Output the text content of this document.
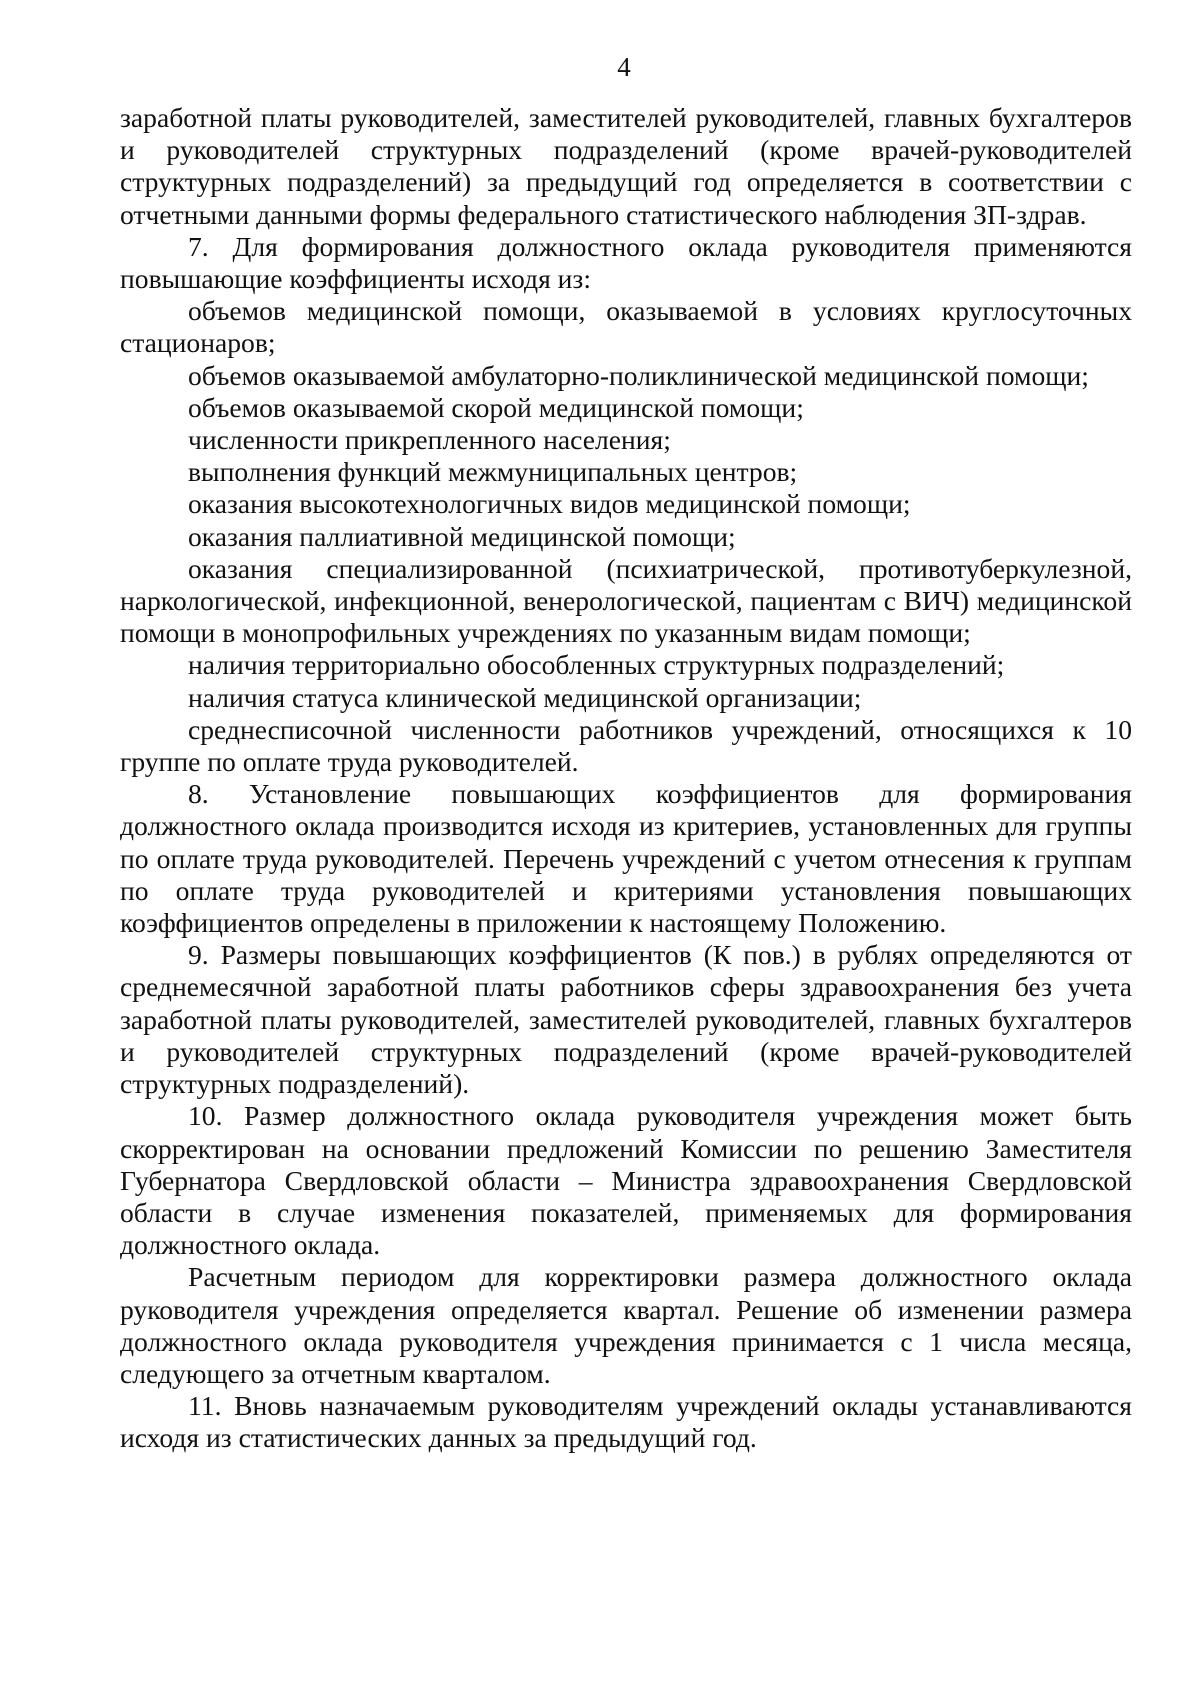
4

заработной платы руководителей, заместителей руководителей, главных бухгалтеров и руководителей структурных подразделений (кроме врачей-руководителей структурных подразделений) за предыдущий год определяется в соответствии с отчетными данными формы федерального статистического наблюдения ЗП-здрав.

7. Для формирования должностного оклада руководителя применяются повышающие коэффициенты исходя из:

объемов медицинской помощи, оказываемой в условиях круглосуточных стационаров;

объемов оказываемой амбулаторно-поликлинической медицинской помощи;

объемов оказываемой скорой медицинской помощи;

численности прикрепленного населения;

выполнения функций межмуниципальных центров;

оказания высокотехнологичных видов медицинской помощи;

оказания паллиативной медицинской помощи;

оказания специализированной (психиатрической, противотуберкулезной, наркологической, инфекционной, венерологической, пациентам с ВИЧ) медицинской помощи в монопрофильных учреждениях по указанным видам помощи;

наличия территориально обособленных структурных подразделений;

наличия статуса клинической медицинской организации;

среднесписочной численности работников учреждений, относящихся к 10 группе по оплате труда руководителей.

8. Установление повышающих коэффициентов для формирования должностного оклада производится исходя из критериев, установленных для группы по оплате труда руководителей. Перечень учреждений с учетом отнесения к группам по оплате труда руководителей и критериями установления повышающих коэффициентов определены в приложении к настоящему Положению.

9. Размеры повышающих коэффициентов (К пов.) в рублях определяются от среднемесячной заработной платы работников сферы здравоохранения без учета заработной платы руководителей, заместителей руководителей, главных бухгалтеров и руководителей структурных подразделений (кроме врачей-руководителей структурных подразделений).

10. Размер должностного оклада руководителя учреждения может быть скорректирован на основании предложений Комиссии по решению Заместителя Губернатора Свердловской области – Министра здравоохранения Свердловской области в случае изменения показателей, применяемых для формирования должностного оклада.

Расчетным периодом для корректировки размера должностного оклада руководителя учреждения определяется квартал. Решение об изменении размера должностного оклада руководителя учреждения принимается с 1 числа месяца, следующего за отчетным кварталом.

11. Вновь назначаемым руководителям учреждений оклады устанавливаются исходя из статистических данных за предыдущий год.
